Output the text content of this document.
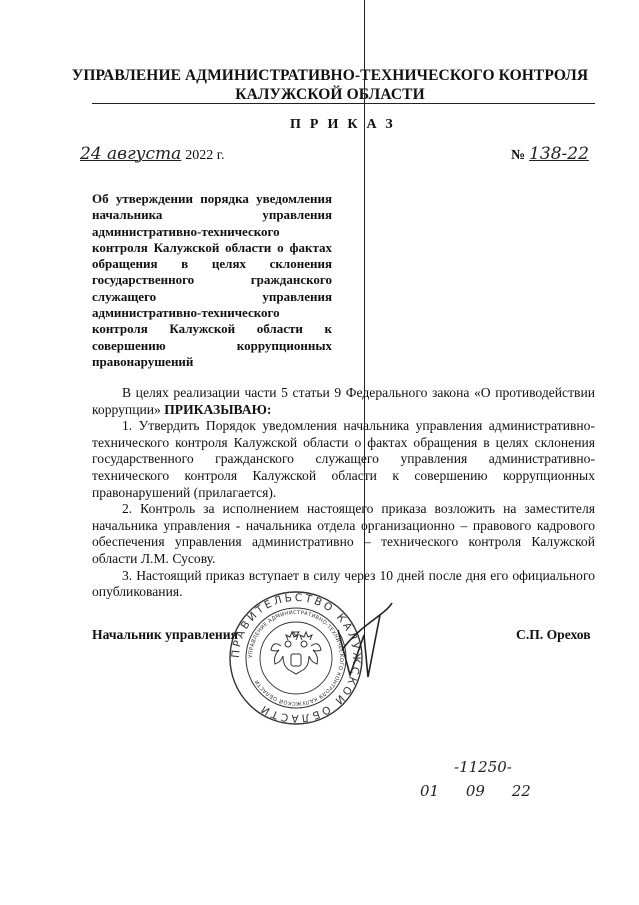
УПРАВЛЕНИЕ АДМИНИСТРАТИВНО-ТЕХНИЧЕСКОГО КОНТРОЛЯ
КАЛУЖСКОЙ ОБЛАСТИ
ПРИКАЗ
24 августа 2022 г.	№ 138-22
Об утверждении порядка уведомления начальника управления административно-технического контроля Калужской области о фактах обращения в целях склонения государственного гражданского служащего управления административно-технического контроля Калужской области к совершению коррупционных правонарушений

В целях реализации части 5 статьи 9 Федерального закона «О противодействии коррупции» ПРИКАЗЫВАЮ:

1. Утвердить Порядок уведомления начальника управления административно-технического контроля Калужской области о фактах обращения в целях склонения государственного гражданского служащего управления административно-технического контроля Калужской области к совершению коррупционных правонарушений (прилагается).

2. Контроль за исполнением настоящего приказа возложить на заместителя начальника управления - начальника отдела организационно – правового кадрового обеспечения управления административно – технического контроля Калужской области Л.М. Сусову.

3. Настоящий приказ вступает в силу через 10 дней после дня его официального опубликования.

ПРАВИТЕЛЬСТВО КАЛУЖСКОЙ ОБЛАСТИ
УПРАВЛЕНИЕ АДМИНИСТРАТИВНО-ТЕХНИЧЕСКОГО КОНТРОЛЯ КАЛУЖСКОЙ ОБЛАСТИ
Начальник управления	С.П. Орехов
-11250-
01 09 22
